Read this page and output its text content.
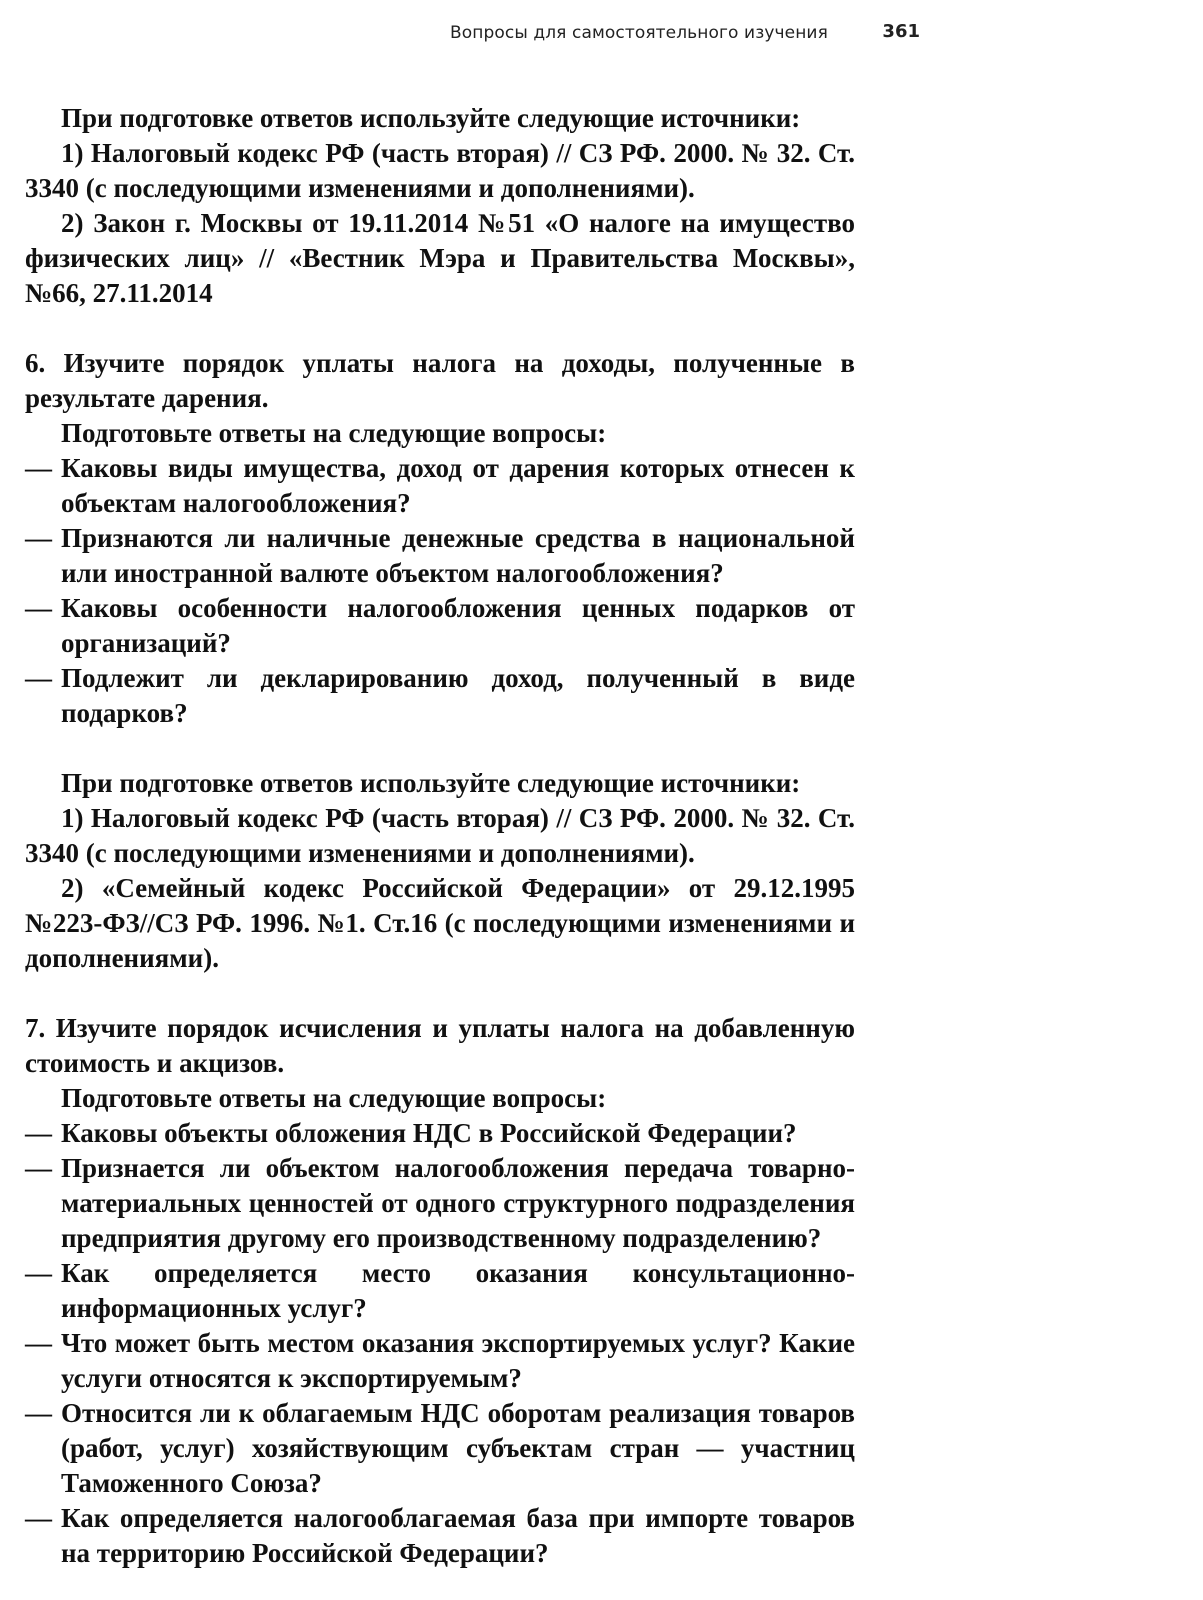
Вопросы для самостоятельного изучения	361

При подготовке ответов используйте следующие источники:

1) Налоговый кодекс РФ (часть вторая) // СЗ РФ. 2000. № 32. Ст. 3340 (с последующими изменениями и дополнениями).

2) Закон г. Москвы от 19.11.2014 №51 «О налоге на имущество физических лиц» // «Вестник Мэра и Правительства Москвы», №66, 27.11.2014

6. Изучите порядок уплаты налога на доходы, полученные в результате дарения.

Подготовьте ответы на следующие вопросы:

— Каковы виды имущества, доход от дарения которых отнесен к объектам налогообложения?
— Признаются ли наличные денежные средства в национальной или иностранной валюте объектом налогообложения?
— Каковы особенности налогообложения ценных подарков от организаций?
— Подлежит ли декларированию доход, полученный в виде подарков?

При подготовке ответов используйте следующие источники:

1) Налоговый кодекс РФ (часть вторая) // СЗ РФ. 2000. № 32. Ст. 3340 (с последующими изменениями и дополнениями).

2) «Семейный кодекс Российской Федерации» от 29.12.1995 №223-ФЗ//СЗ РФ. 1996. №1. Ст.16 (с последующими изменениями и дополнениями).

7. Изучите порядок исчисления и уплаты налога на добавленную стоимость и акцизов.

Подготовьте ответы на следующие вопросы:

— Каковы объекты обложения НДС в Российской Федерации?
— Признается ли объектом налогообложения передача товарно-материальных ценностей от одного структурного подразделения предприятия другому его производственному подразделению?
— Как определяется место оказания консультационно-информационных услуг?
— Что может быть местом оказания экспортируемых услуг? Какие услуги относятся к экспортируемым?
— Относится ли к облагаемым НДС оборотам реализация товаров (работ, услуг) хозяйствующим субъектам стран — участниц Таможенного Союза?
— Как определяется налогооблагаемая база при импорте товаров на территорию Российской Федерации?
